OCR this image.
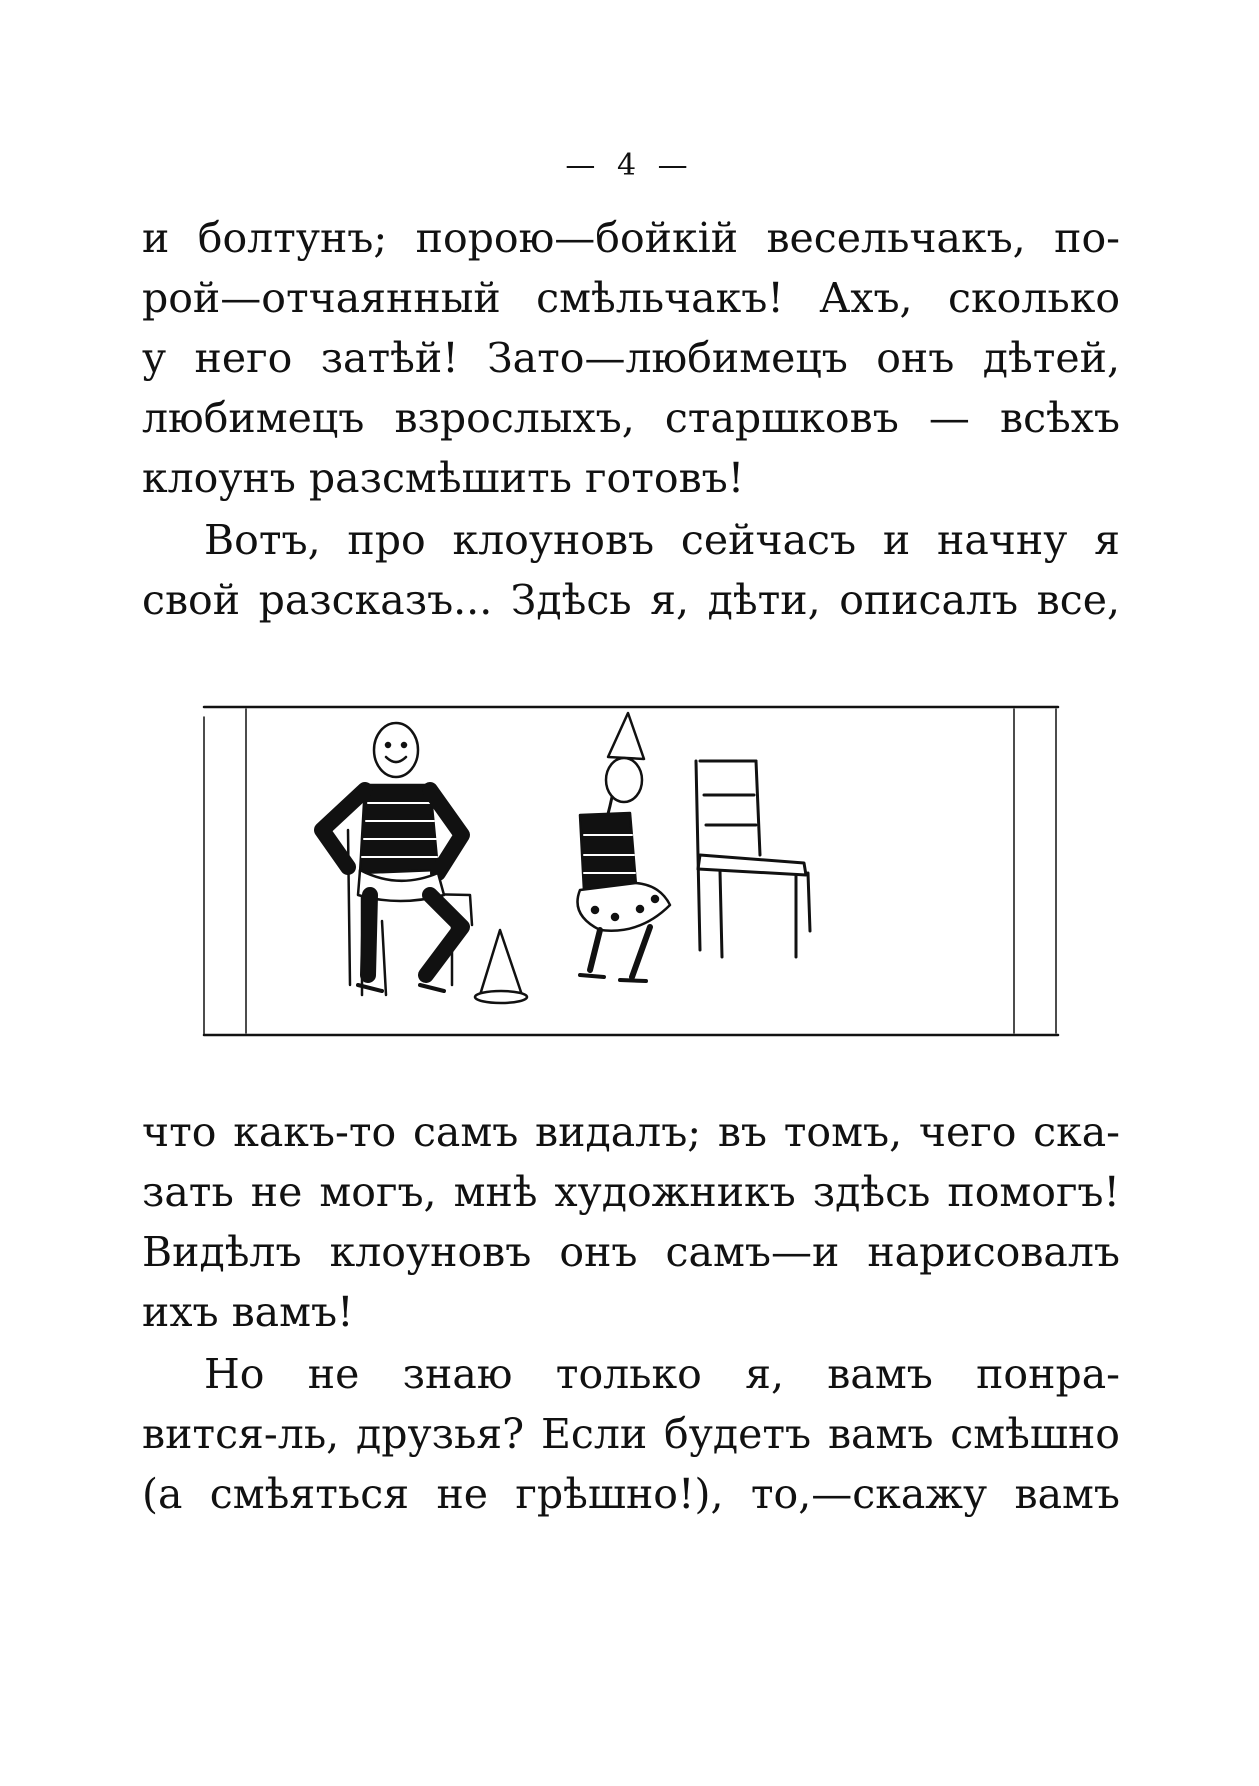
— 4 —
и болтунъ; порою—бойкій весельчакъ, по-
рой—отчаянный смѣльчакъ! Ахъ, сколько
у него затѣй! Зато—любимецъ онъ дѣтей,
любимецъ взрослыхъ, старшковъ — всѣхъ
клоунъ разсмѣшить готовъ!
Вотъ, про клоуновъ сейчасъ и начну я
свой разсказъ... Здѣсь я, дѣти, описалъ все,
что какъ-то самъ видалъ; въ томъ, чего ска-
зать не могъ, мнѣ художникъ здѣсь помогъ!
Видѣлъ клоуновъ онъ самъ—и нарисовалъ
ихъ вамъ!
Но не знаю только я, вамъ понра-
вится-ль, друзья? Если будетъ вамъ смѣшно
(а смѣяться не грѣшно!), то,—скажу вамъ
